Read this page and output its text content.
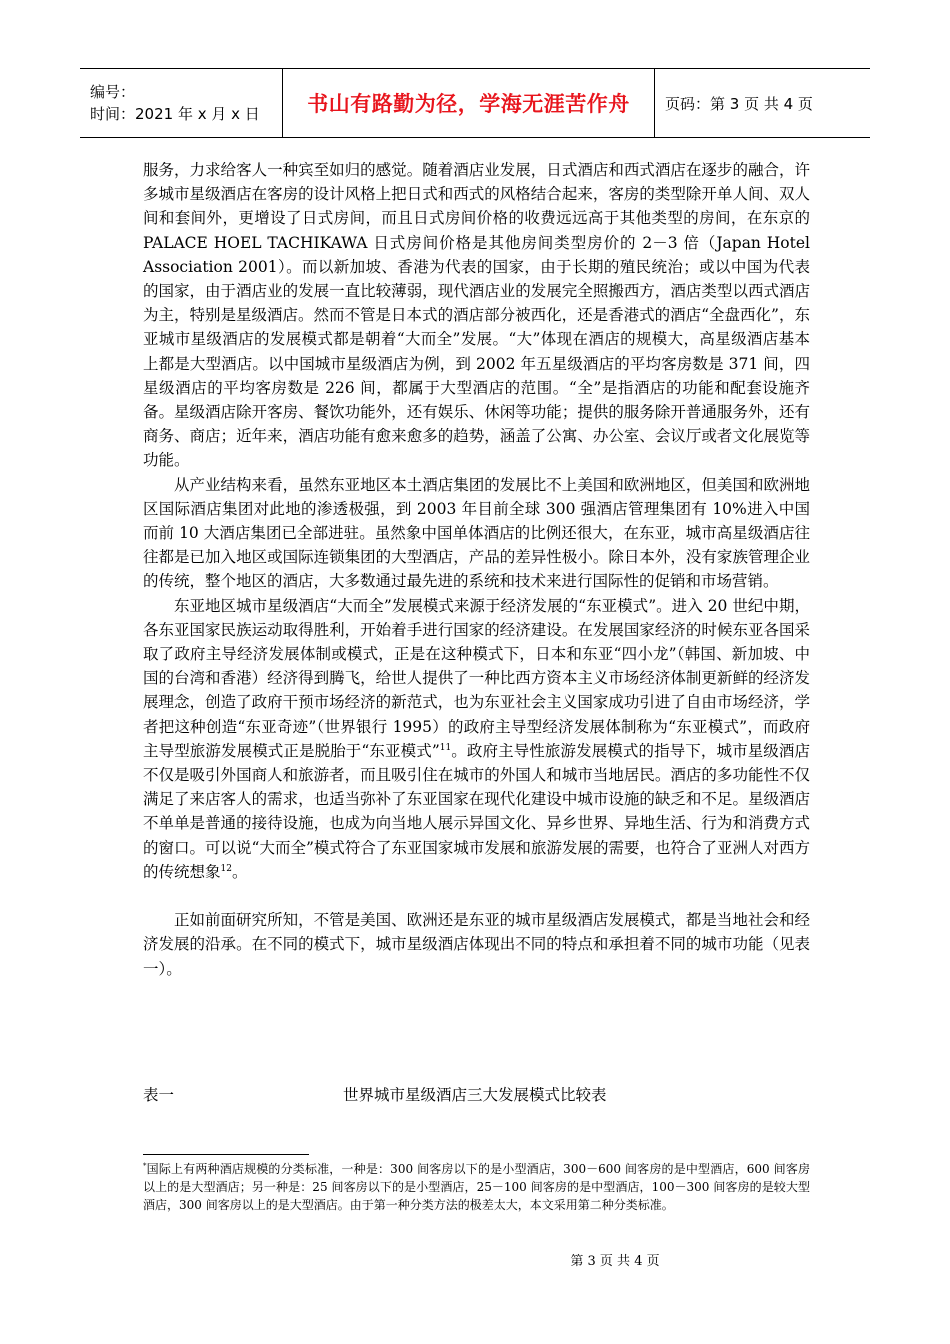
编号：
时间：2021 年 x 月 x 日	书山有路勤为径，学海无涯苦作舟 页码：第 3 页 共 4 页

服务，力求给客人一种宾至如归的感觉。随着酒店业发展，日式酒店和西式酒店在逐步的融合，许多城市星级酒店在客房的设计风格上把日式和西式的风格结合起来，客房的类型除开单人间、双人间和套间外，更增设了日式房间，而且日式房间价格的收费远远高于其他类型的房间，在东京的 PALACE HOEL TACHIKAWA 日式房间价格是其他房间类型房价的 2－3 倍（Japan Hotel Association 2001）。而以新加坡、香港为代表的国家，由于长期的殖民统治；或以中国为代表的国家，由于酒店业的发展一直比较薄弱，现代酒店业的发展完全照搬西方，酒店类型以西式酒店为主，特别是星级酒店。然而不管是日本式的酒店部分被西化，还是香港式的酒店“全盘西化”，东亚城市星级酒店的发展模式都是朝着“大而全”发展。“大”体现在酒店的规模大，高星级酒店基本上都是大型酒店。以中国城市星级酒店为例，到 2002 年五星级酒店的平均客房数是 371 间，四星级酒店的平均客房数是 226 间，都属于大型酒店的范围。“全”是指酒店的功能和配套设施齐备。星级酒店除开客房、餐饮功能外，还有娱乐、休闲等功能；提供的服务除开普通服务外，还有商务、商店；近年来，酒店功能有愈来愈多的趋势，涵盖了公寓、办公室、会议厅或者文化展览等功能。

从产业结构来看，虽然东亚地区本土酒店集团的发展比不上美国和欧洲地区，但美国和欧洲地区国际酒店集团对此地的渗透极强，到 2003 年目前全球 300 强酒店管理集团有 10%进入中国而前 10 大酒店集团已全部进驻。虽然象中国单体酒店的比例还很大，在东亚，城市高星级酒店往往都是已加入地区或国际连锁集团的大型酒店，产品的差异性极小。除日本外，没有家族管理企业的传统，整个地区的酒店，大多数通过最先进的系统和技术来进行国际性的促销和市场营销。

东亚地区城市星级酒店“大而全”发展模式来源于经济发展的“东亚模式”。进入 20 世纪中期，各东亚国家民族运动取得胜利，开始着手进行国家的经济建设。在发展国家经济的时候东亚各国采取了政府主导经济发展体制或模式，正是在这种模式下，日本和东亚“四小龙”（韩国、新加坡、中国的台湾和香港）经济得到腾飞，给世人提供了一种比西方资本主义市场经济体制更新鲜的经济发展理念，创造了政府干预市场经济的新范式，也为东亚社会主义国家成功引进了自由市场经济，学者把这种创造“东亚奇迹”（世界银行 1995）的政府主导型经济发展体制称为“东亚模式”，而政府主导型旅游发展模式正是脱胎于“东亚模式”$^{11}$。政府主导性旅游发展模式的指导下，城市星级酒店不仅是吸引外国商人和旅游者，而且吸引住在城市的外国人和城市当地居民。酒店的多功能性不仅满足了来店客人的需求，也适当弥补了东亚国家在现代化建设中城市设施的缺乏和不足。星级酒店不单单是普通的接待设施，也成为向当地人展示异国文化、异乡世界、异地生活、行为和消费方式的窗口。可以说“大而全”模式符合了东亚国家城市发展和旅游发展的需要，也符合了亚洲人对西方的传统想象$^{12}$。

正如前面研究所知，不管是美国、欧洲还是东亚的城市星级酒店发展模式，都是当地社会和经济发展的沿承。在不同的模式下，城市星级酒店体现出不同的特点和承担着不同的城市功能（见表一）。

表一	世界城市星级酒店三大发展模式比较表
*国际上有两种酒店规模的分类标准，一种是：300 间客房以下的是小型酒店，300－600 间客房的是中型酒店，600 间客房以上的是大型酒店；另一种是：25 间客房以下的是小型酒店，25－100 间客房的是中型酒店，100－300 间客房的是较大型酒店，300 间客房以上的是大型酒店。由于第一种分类方法的极差太大，本文采用第二种分类标准。
第 3 页 共 4 页
